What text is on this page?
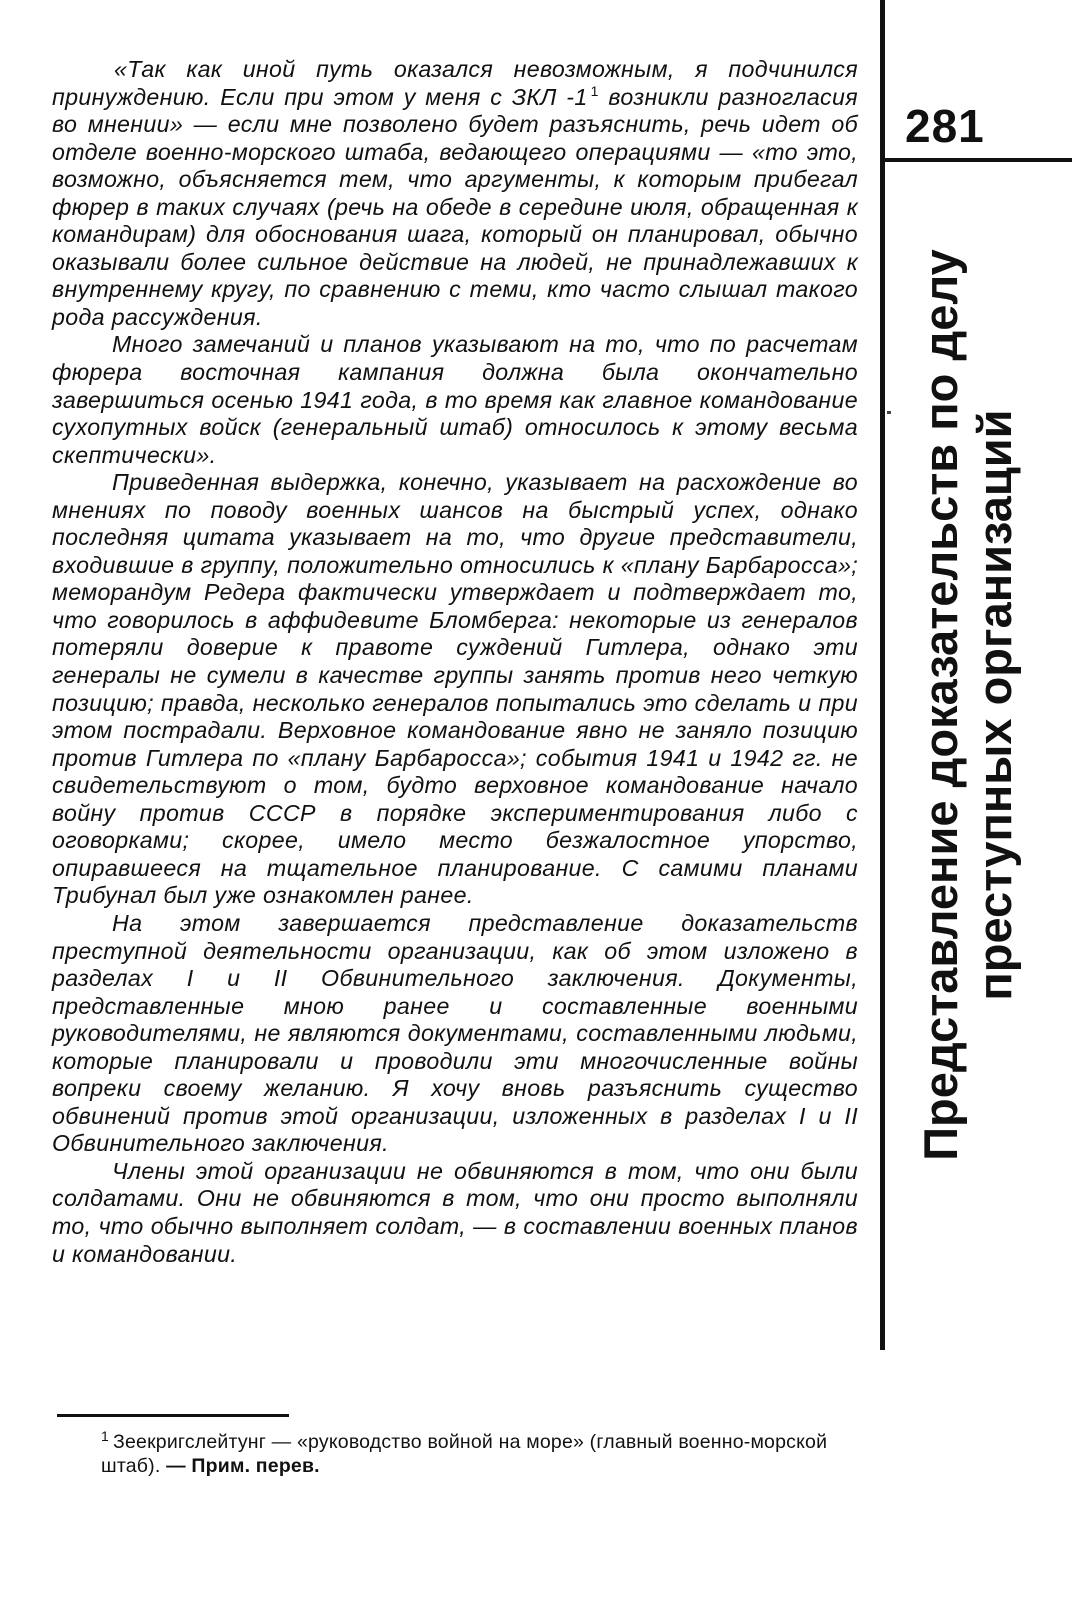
281
Представление доказательств по делу преступных организаций

«Так как иной путь оказался невозможным, я подчинился принуждению. Если при этом у меня с ЗКЛ -1 $^1$ возникли разногласия во мнении» — если мне позволено будет разъяснить, речь идет об отделе военно-морского штаба, ведающего операциями — «то это, возможно, объясняется тем, что аргументы, к которым прибегал фюрер в таких случаях (речь на обеде в середине июля, обращенная к командирам) для обоснования шага, который он планировал, обычно оказывали более сильное действие на людей, не принадлежавших к внутреннему кругу, по сравнению с теми, кто часто слышал такого рода рассуждения.

Много замечаний и планов указывают на то, что по расчетам фюрера восточная кампания должна была окончательно завершиться осенью 1941 года, в то время как главное командование сухопутных войск (генеральный штаб) относилось к этому весьма скептически».

Приведенная выдержка, конечно, указывает на расхождение во мнениях по поводу военных шансов на быстрый успех, однако последняя цитата указывает на то, что другие представители, входившие в группу, положительно относились к «плану Барбаросса»; меморандум Редера фактически утверждает и подтверждает то, что говорилось в аффидевите Бломберга: некоторые из генералов потеряли доверие к правоте суждений Гитлера, однако эти генералы не сумели в качестве группы занять против него четкую позицию; правда, несколько генералов попытались это сделать и при этом пострадали. Верховное командование явно не заняло позицию против Гитлера по «плану Барбаросса»; события 1941 и 1942 гг. не свидетельствуют о том, будто верховное командование начало войну против СССР в порядке экспериментирования либо с оговорками; скорее, имело место безжалостное упорство, опиравшееся на тщательное планирование. С самими планами Трибунал был уже ознакомлен ранее.

На этом завершается представление доказательств преступной деятельности организации, как об этом изложено в разделах I и II Обвинительного заключения. Документы, представленные мною ранее и составленные военными руководителями, не являются документами, составленными людьми, которые планировали и проводили эти многочисленные войны вопреки своему желанию. Я хочу вновь разъяснить существо обвинений против этой организации, изложенных в разделах I и II Обвинительного заключения.

Члены этой организации не обвиняются в том, что они были солдатами. Они не обвиняются в том, что они просто выполняли то, что обычно выполняет солдат, — в составлении военных планов и командовании.

$^1$ Зеекригслейтунг — «руководство войной на море» (главный военно-морской штаб). — Прим. перев.
